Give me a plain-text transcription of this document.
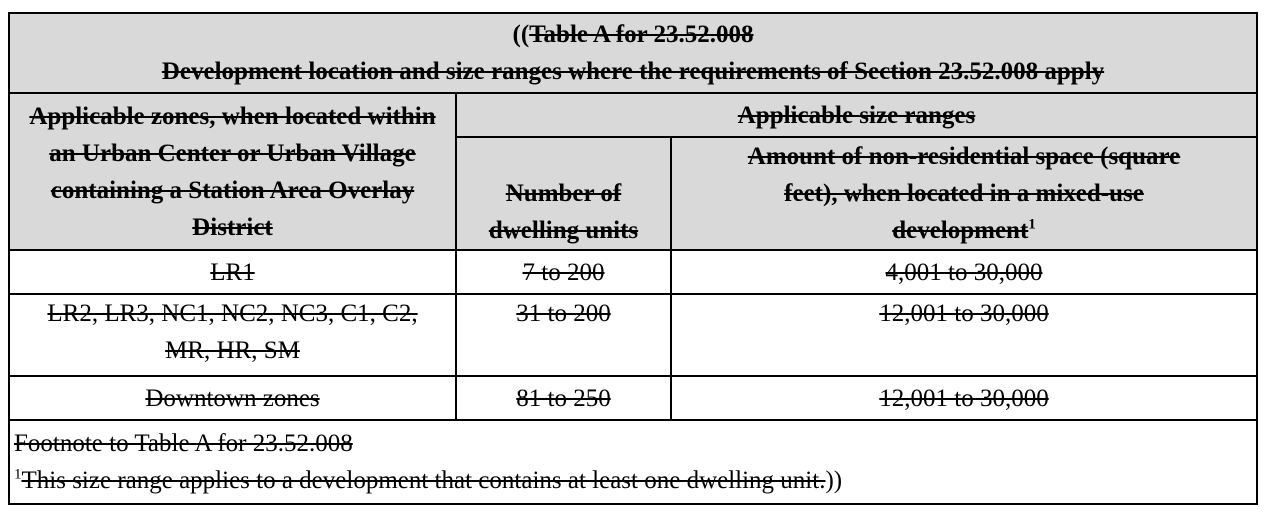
((Table A for 23.52.008
Development location and size ranges where the requirements of Section 23.52.008 apply		
Applicable zones, when located within an Urban Center or Urban Village containing a Station Area Overlay District	Applicable size ranges	
	Number of dwelling units	Amount of non-residential space (square feet), when located in a mixed-use development$^1$
LR1	7 to 200	4,001 to 30,000
LR2, LR3, NC1, NC2, NC3, C1, C2, MR, HR, SM	31 to 200	12,001 to 30,000
Downtown zones	81 to 250	12,001 to 30,000
Footnote to Table A for 23.52.008
$^1$This size range applies to a development that contains at least one dwelling unit.))		
